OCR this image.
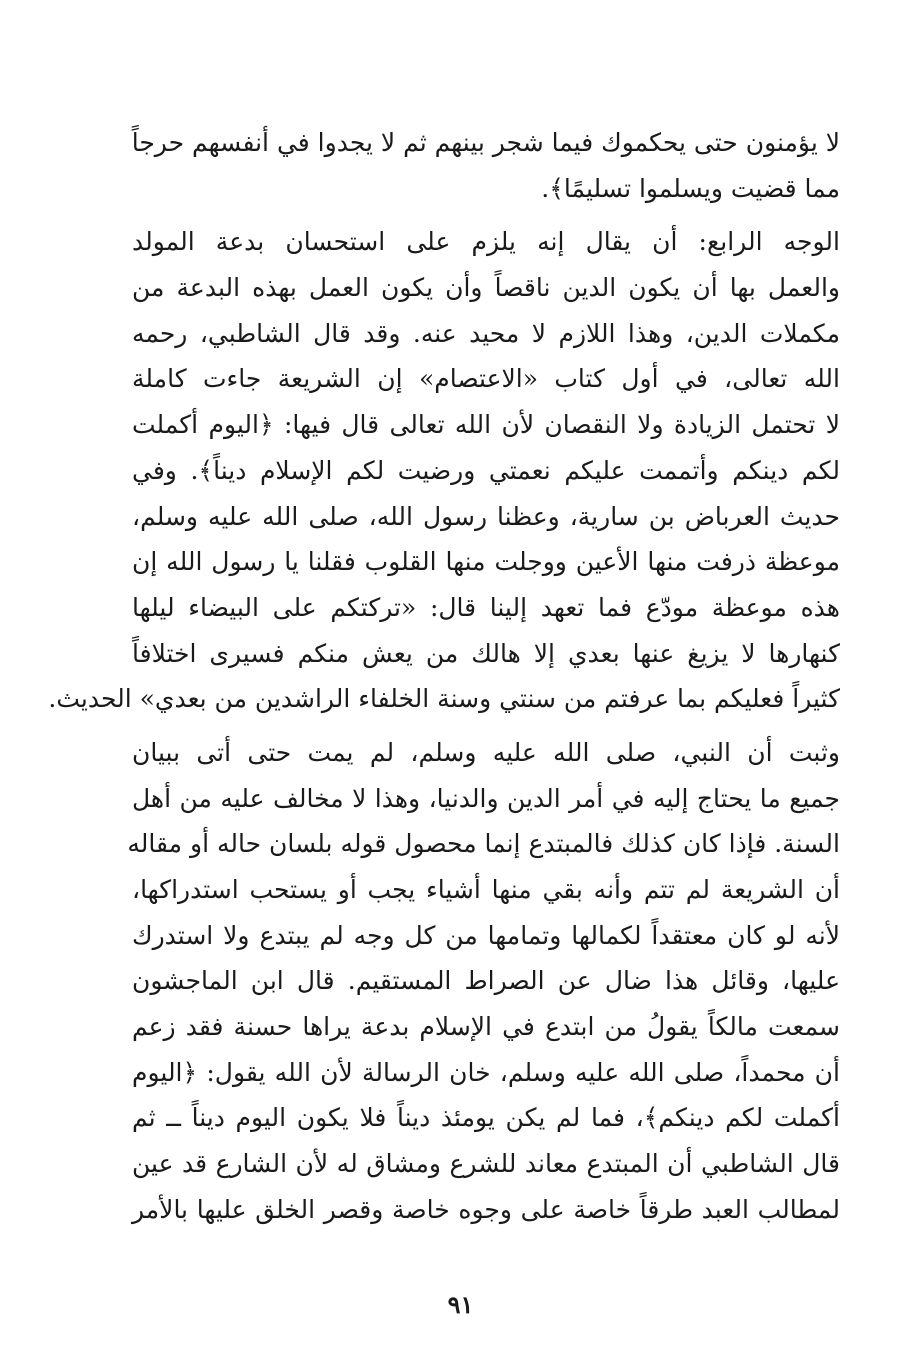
لا يؤمنون حتى يحكموك فيما شجر بينهم ثم لا يجدوا في أنفسهم حرجاً
مما قضيت ويسلموا تسليمًا﴾.
الوجه الرابع: أن يقال إنه يلزم على استحسان بدعة المولد
والعمل بها أن يكون الدين ناقصاً وأن يكون العمل بهذه البدعة من
مكملات الدين، وهذا اللازم لا محيد عنه. وقد قال الشاطبي، رحمه
الله تعالى، في أول كتاب «الاعتصام» إن الشريعة جاءت كاملة
لا تحتمل الزيادة ولا النقصان لأن الله تعالى قال فيها: ﴿اليوم أكملت
لكم دينكم وأتممت عليكم نعمتي ورضيت لكم الإسلام ديناً﴾. وفي
حديث العرباض بن سارية، وعظنا رسول الله، صلى الله عليه وسلم،
موعظة ذرفت منها الأعين ووجلت منها القلوب فقلنا يا رسول الله إن
هذه موعظة مودّع فما تعهد إلينا قال: «تركتكم على البيضاء ليلها
كنهارها لا يزيغ عنها بعدي إلا هالك من يعش منكم فسيرى اختلافاً
كثيراً فعليكم بما عرفتم من سنتي وسنة الخلفاء الراشدين من بعدي» الحديث.
وثبت أن النبي، صلى الله عليه وسلم، لم يمت حتى أتى ببيان
جميع ما يحتاج إليه في أمر الدين والدنيا، وهذا لا مخالف عليه من أهل
السنة. فإذا كان كذلك فالمبتدع إنما محصول قوله بلسان حاله أو مقاله
أن الشريعة لم تتم وأنه بقي منها أشياء يجب أو يستحب استدراكها،
لأنه لو كان معتقداً لكمالها وتمامها من كل وجه لم يبتدع ولا استدرك
عليها، وقائل هذا ضال عن الصراط المستقيم. قال ابن الماجشون
سمعت مالكاً يقولُ من ابتدع في الإسلام بدعة يراها حسنة فقد زعم
أن محمداً، صلى الله عليه وسلم، خان الرسالة لأن الله يقول: ﴿اليوم
أكملت لكم دينكم﴾، فما لم يكن يومئذ ديناً فلا يكون اليوم ديناً ــ ثم
قال الشاطبي أن المبتدع معاند للشرع ومشاق له لأن الشارع قد عين
لمطالب العبد طرقاً خاصة على وجوه خاصة وقصر الخلق عليها بالأمر
٩١
